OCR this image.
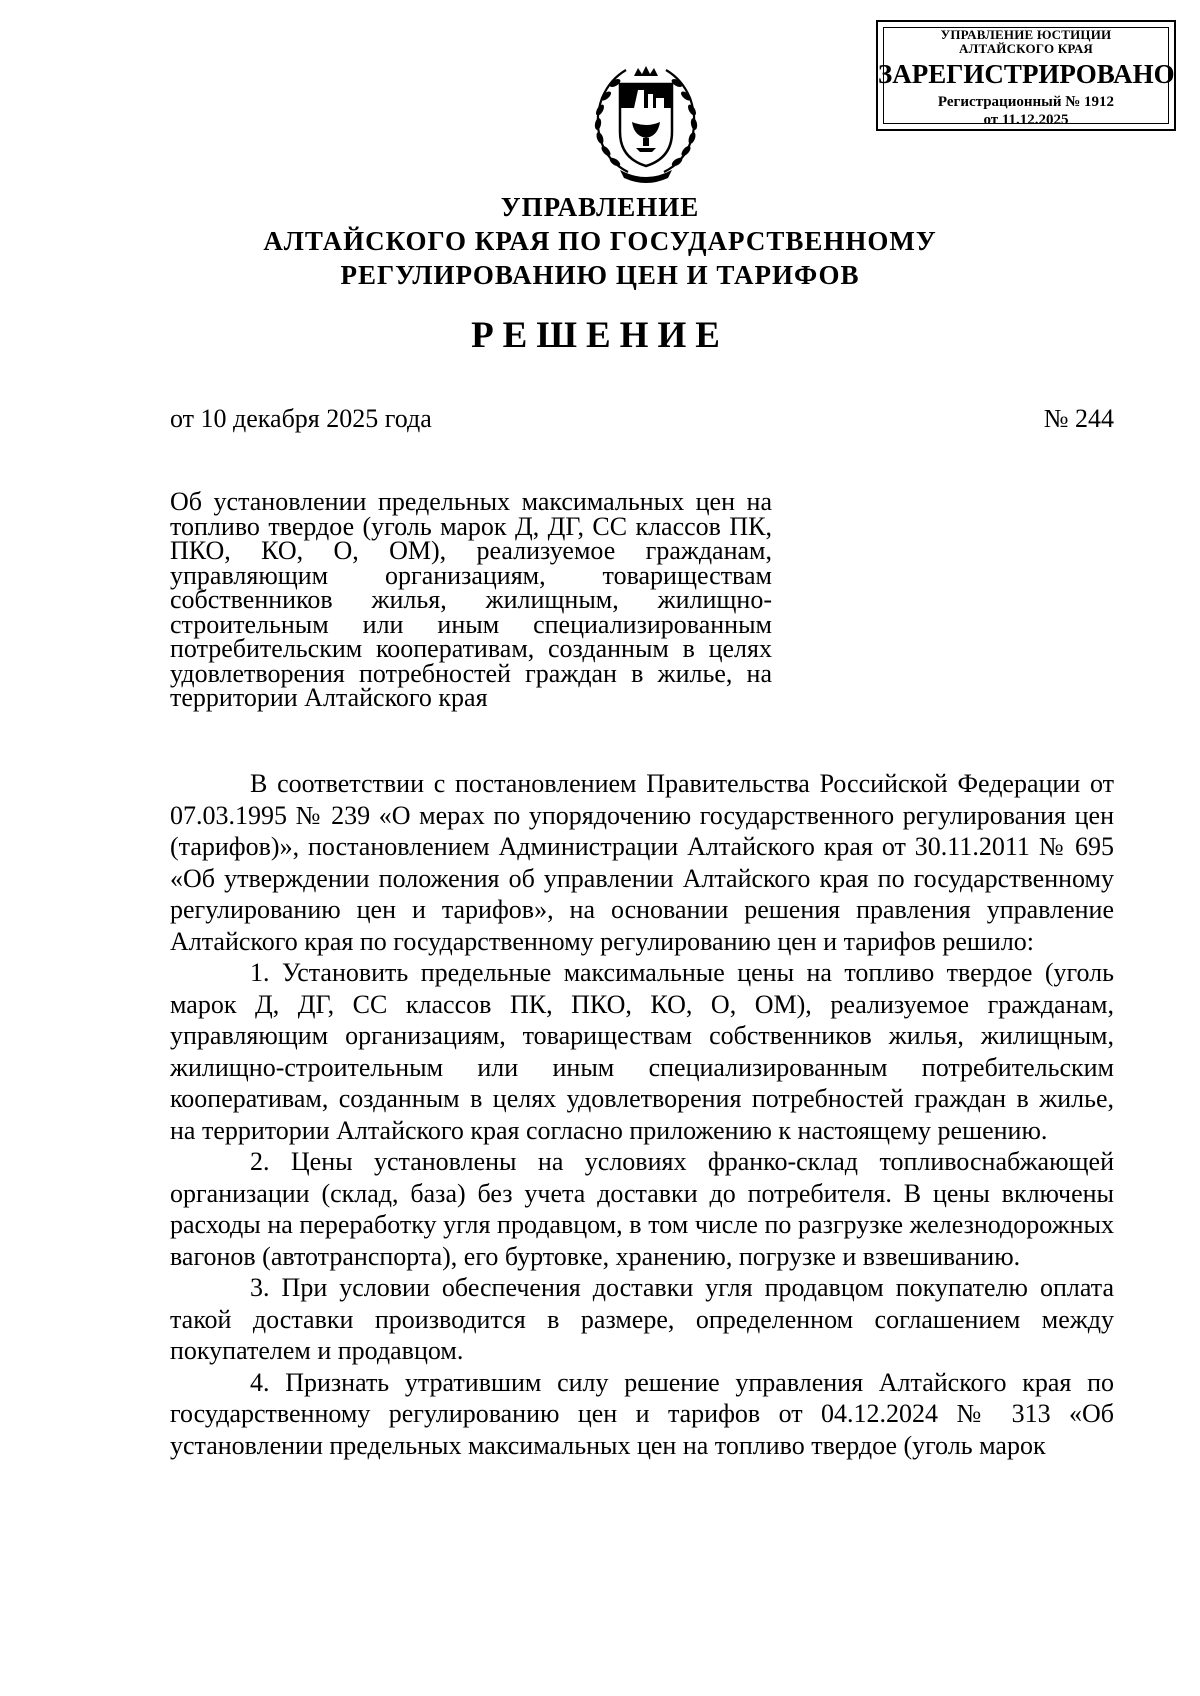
УПРАВЛЕНИЕ ЮСТИЦИИ
АЛТАЙСКОГО КРАЯ
ЗАРЕГИСТРИРОВАНО
Регистрационный № 1912
от 11.12.2025
УПРАВЛЕНИЕ
АЛТАЙСКОГО КРАЯ ПО ГОСУДАРСТВЕННОМУ
РЕГУЛИРОВАНИЮ ЦЕН И ТАРИФОВ
РЕШЕНИЕ
от 10 декабря 2025 года	№ 244
Об установлении предельных максимальных цен на топливо твердое (уголь марок Д, ДГ, СС классов ПК, ПКО, КО, О, ОМ), реализуемое гражданам, управляющим организациям, товариществам собственников жилья, жилищным, жилищно-строительным или иным специализированным потребительским кооперативам, созданным в целях удовлетворения потребностей граждан в жилье, на территории Алтайского края

В соответствии с постановлением Правительства Российской Федерации от 07.03.1995 № 239 «О мерах по упорядочению государственного регулирования цен (тарифов)», постановлением Администрации Алтайского края от 30.11.2011 № 695 «Об утверждении положения об управлении Алтайского края по государственному регулированию цен и тарифов», на основании решения правления управление Алтайского края по государственному регулированию цен и тарифов решило:

1. Установить предельные максимальные цены на топливо твердое (уголь марок Д, ДГ, СС классов ПК, ПКО, КО, О, ОМ), реализуемое гражданам, управляющим организациям, товариществам собственников жилья, жилищным, жилищно-строительным или иным специализированным потребительским кооперативам, созданным в целях удовлетворения потребностей граждан в жилье, на территории Алтайского края согласно приложению к настоящему решению.

2. Цены установлены на условиях франко-склад топливоснабжающей организации (склад, база) без учета доставки до потребителя. В цены включены расходы на переработку угля продавцом, в том числе по разгрузке железнодорожных вагонов (автотранспорта), его буртовке, хранению, погрузке и взвешиванию.

3. При условии обеспечения доставки угля продавцом покупателю оплата такой доставки производится в размере, определенном соглашением между покупателем и продавцом.

4. Признать утратившим силу решение управления Алтайского края по государственному регулированию цен и тарифов от 04.12.2024 № 313 «Об установлении предельных максимальных цен на топливо твердое (уголь марок
